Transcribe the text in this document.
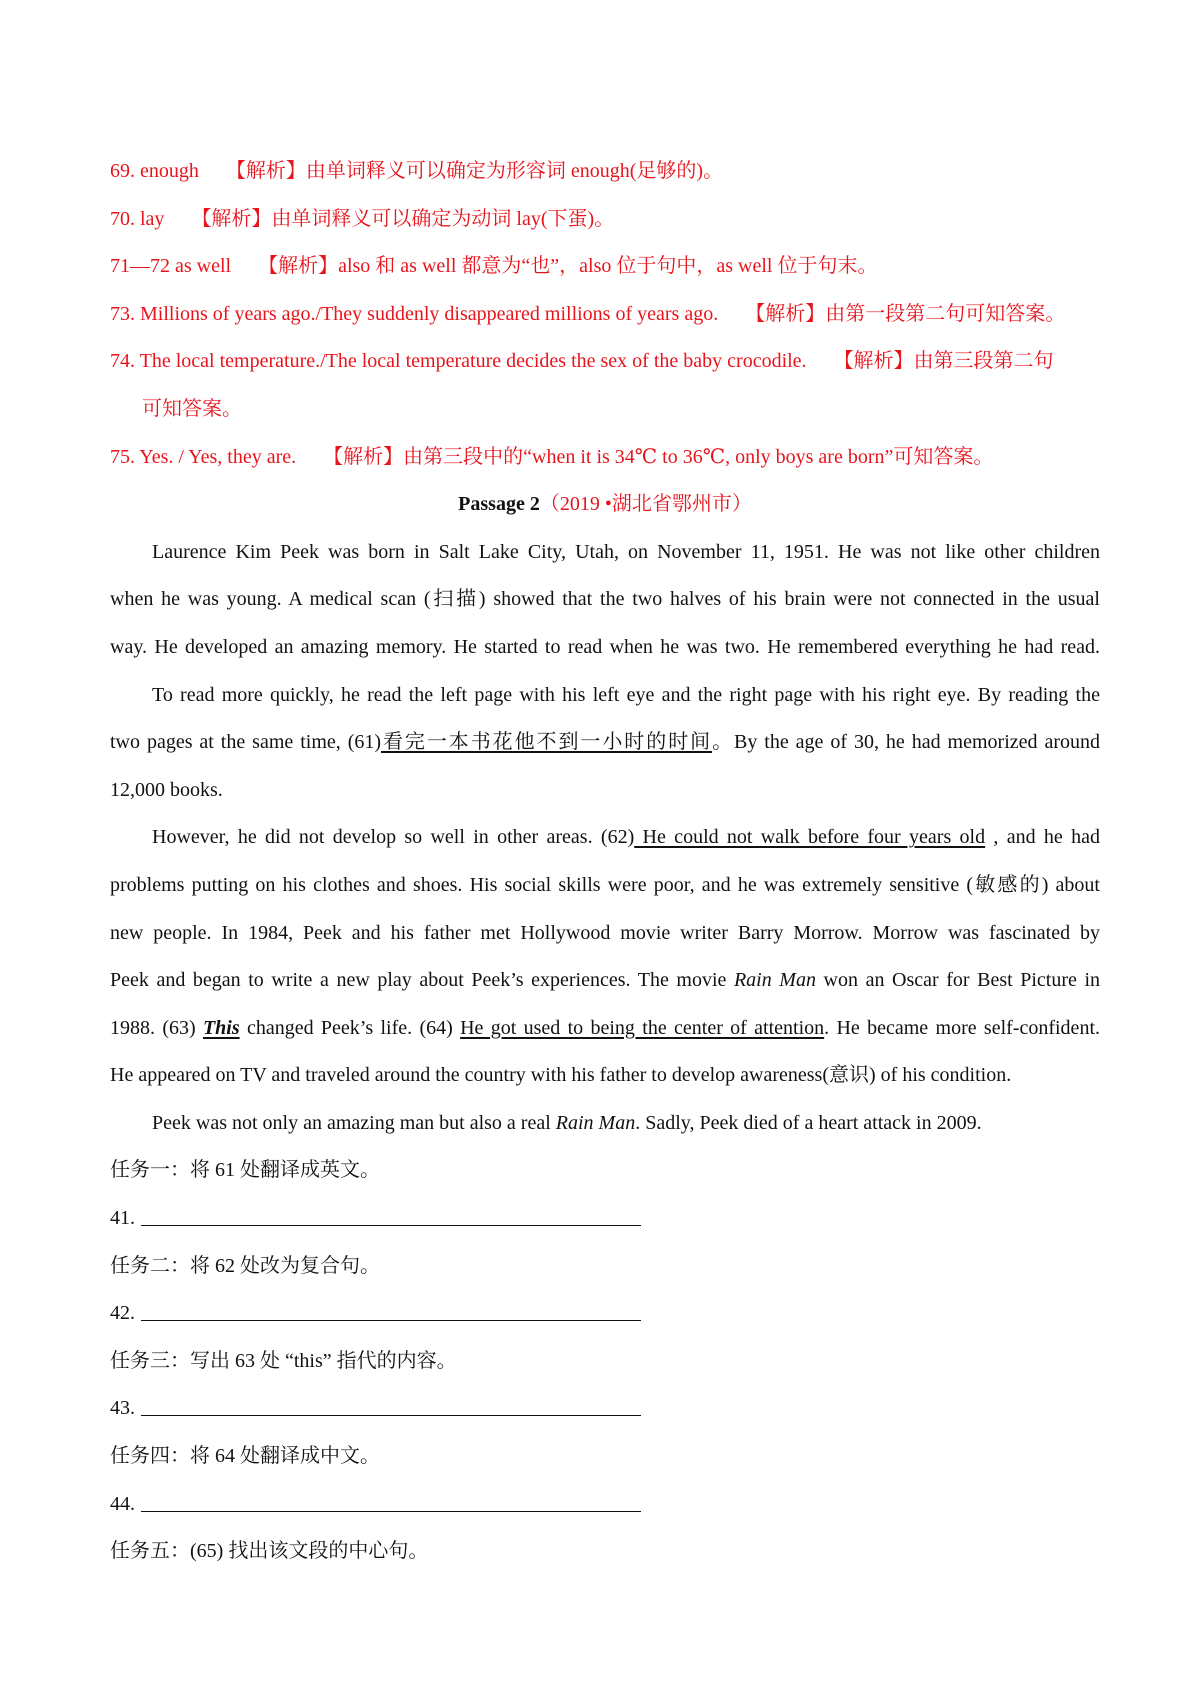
69. enough 【解析】由单词释义可以确定为形容词 enough(足够的)。
70. lay 【解析】由单词释义可以确定为动词 lay(下蛋)。
71—72 as well 【解析】also 和 as well 都意为“也”，also 位于句中，as well 位于句末。
73. Millions of years ago./They suddenly disappeared millions of years ago. 【解析】由第一段第二句可知答案。
74. The local temperature./The local temperature decides the sex of the baby crocodile. 【解析】由第三段第二句
可知答案。
75. Yes. / Yes, they are. 【解析】由第三段中的“when it is 34℃ to 36℃, only boys are born”可知答案。
Passage 2（2019 •湖北省鄂州市）
Laurence Kim Peek was born in Salt Lake City, Utah, on November 11, 1951. He was not like other children
when he was young. A medical scan (扫描) showed that the two halves of his brain were not connected in the usual
way. He developed an amazing memory. He started to read when he was two. He remembered everything he had read.
To read more quickly, he read the left page with his left eye and the right page with his right eye. By reading the
two pages at the same time, (61)看完一本书花他不到一小时的时间。By the age of 30, he had memorized around
12,000 books.
However, he did not develop so well in other areas. (62) He could not walk before four years old , and he had
problems putting on his clothes and shoes. His social skills were poor, and he was extremely sensitive (敏感的) about
new people. In 1984, Peek and his father met Hollywood movie writer Barry Morrow. Morrow was fascinated by
Peek and began to write a new play about Peek’s experiences. The movie Rain Man won an Oscar for Best Picture in
1988. (63) This changed Peek’s life. (64) He got used to being the center of attention. He became more self-confident.
He appeared on TV and traveled around the country with his father to develop awareness(意识) of his condition.
Peek was not only an amazing man but also a real Rain Man. Sadly, Peek died of a heart attack in 2009.
任务一：将 61 处翻译成英文。
41.
任务二：将 62 处改为复合句。
42.
任务三：写出 63 处 “this” 指代的内容。
43.
任务四：将 64 处翻译成中文。
44.
任务五：(65) 找出该文段的中心句。
